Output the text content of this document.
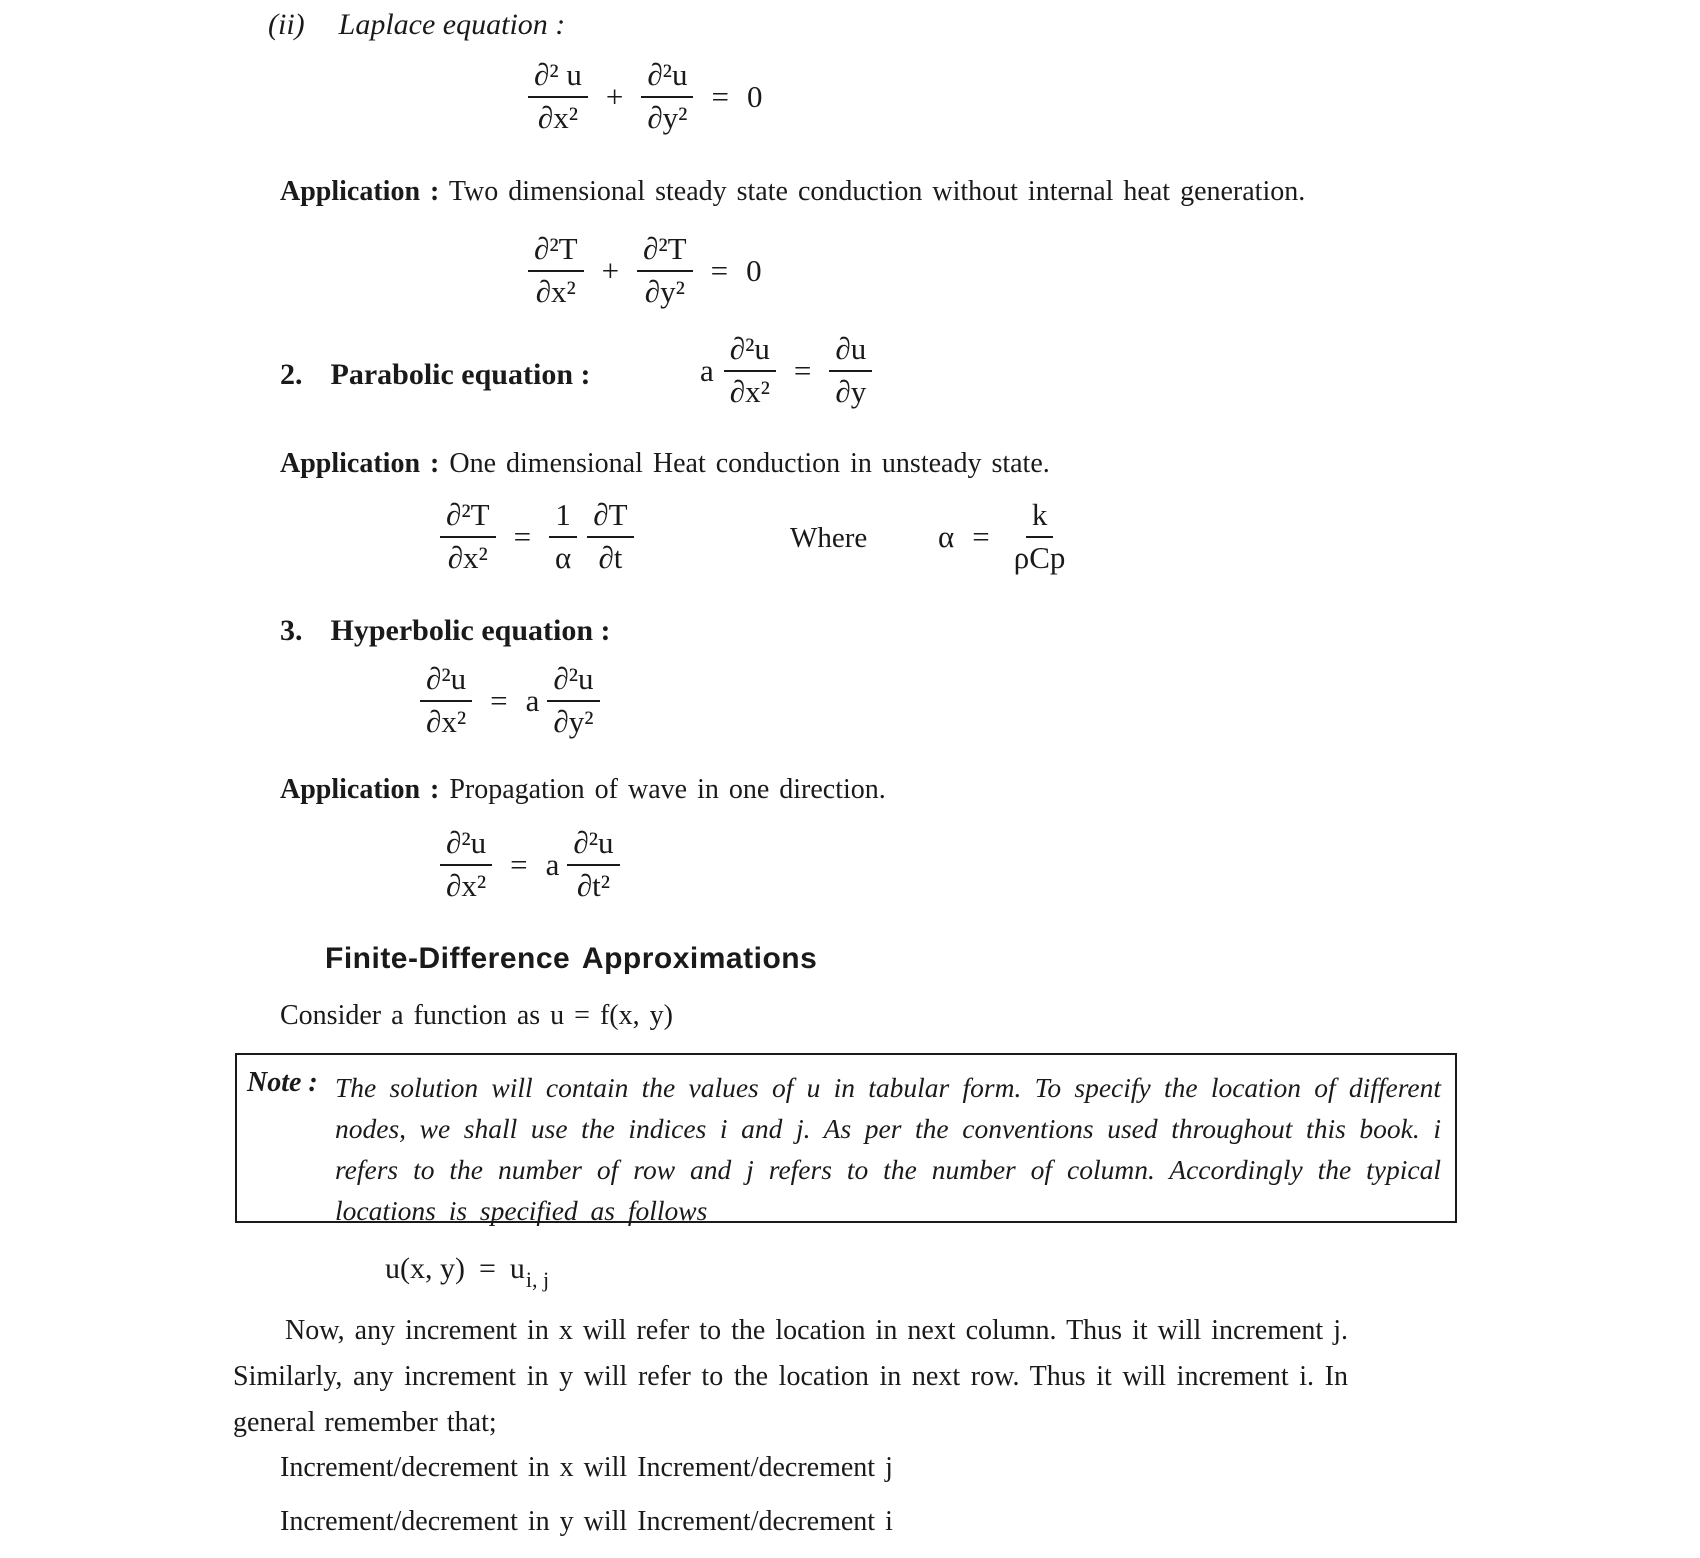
(ii) Laplace equation :
$\frac{\text{∂² u}}{\text{∂x²}} + \frac{\text{∂²u}}{\text{∂y²}} = 0$
Application : Two dimensional steady state conduction without internal heat generation.
$\frac{\text{∂²T}}{\text{∂x²}} + \frac{\text{∂²T}}{\text{∂y²}} = 0$
2. Parabolic equation :	a $\frac{\text{∂²u}}{\text{∂x²}} = \frac{\partial u}{\partial y}$
Application : One dimensional Heat conduction in unsteady state.
$\frac{\text{∂²T}}{\text{∂x²}} = \frac{1}{\alpha} \frac{\partial T}{\partial t}$	Where $\alpha = \frac{k}{\text{ρCp}}$
3. Hyperbolic equation :
$\frac{\text{∂²u}}{\text{∂x²}} = a \frac{\text{∂²u}}{\text{∂y²}}$
Application : Propagation of wave in one direction.
$\frac{\text{∂²u}}{\text{∂x²}} = a \frac{\text{∂²u}}{\text{∂t²}}$
Finite-Difference Approximations
Consider a function as u = f(x, y)
Note : The solution will contain the values of u in tabular form. To specify the location of different nodes, we shall use the indices i and j. As per the conventions used throughout this book. i refers to the number of row and j refers to the number of column. Accordingly the typical locations is specified as follows
u(x, $y) = u_{i, j}$
Now, any increment in x will refer to the location in next column. Thus it will increment j. Similarly, any increment in y will refer to the location in next row. Thus it will increment i. In general remember that;
Increment/decrement in x will Increment/decrement j
Increment/decrement in y will Increment/decrement i
